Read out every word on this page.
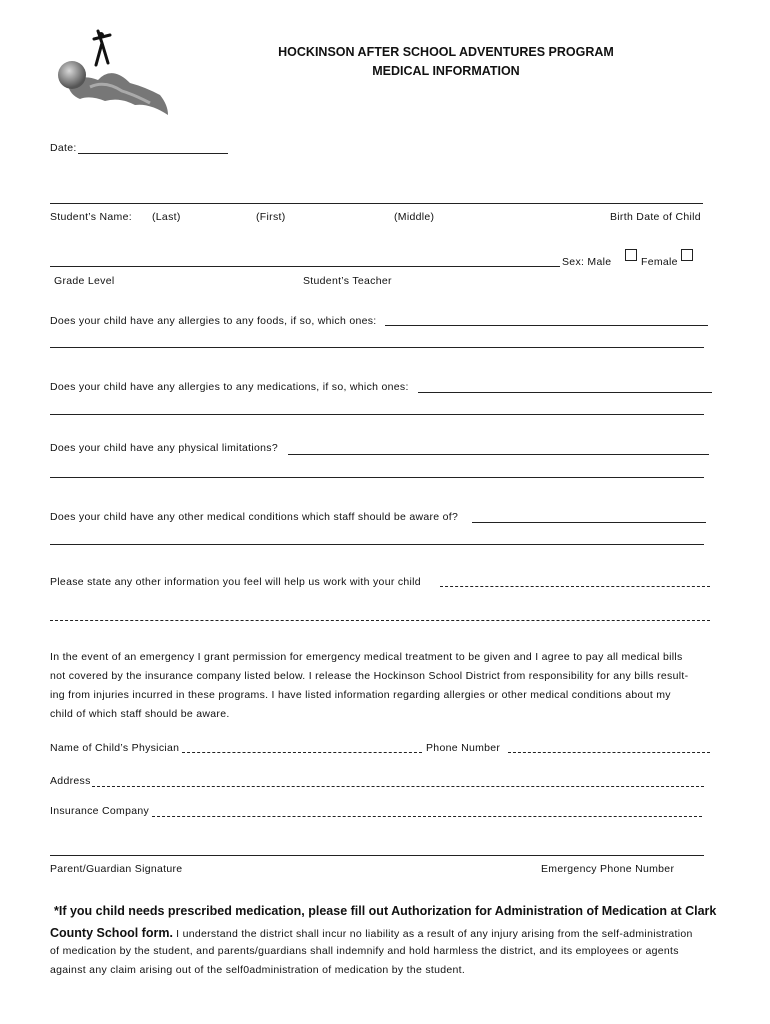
HOCKINSON AFTER SCHOOL ADVENTURES PROGRAM
MEDICAL INFORMATION
Date:
Student’s Name: (Last)	(First)	(Middle)	Birth Date of Child
Sex: Male	Female
Grade Level	Student’s Teacher
Does your child have any allergies to any foods, if so, which ones:
Does your child have any allergies to any medications, if so, which ones:
Does your child have any physical limitations?
Does your child have any other medical conditions which staff should be aware of?
Please state any other information you feel will help us work with your child
In the event of an emergency I grant permission for emergency medical treatment to be given and I agree to pay all medical bills
not covered by the insurance company listed below. I release the Hockinson School District from responsibility for any bills result-
ing from injuries incurred in these programs. I have listed information regarding allergies or other medical conditions about my
child of which staff should be aware.
Name of Child’s Physician	Phone Number
Address
Insurance Company
Parent/Guardian Signature	Emergency Phone Number
*If you child needs prescribed medication, please fill out Authorization for Administration of Medication at Clark
County School form. I understand the district shall incur no liability as a result of any injury arising from the self-administration
of medication by the student, and parents/guardians shall indemnify and hold harmless the district, and its employees or agents
against any claim arising out of the self0administration of medication by the student.
